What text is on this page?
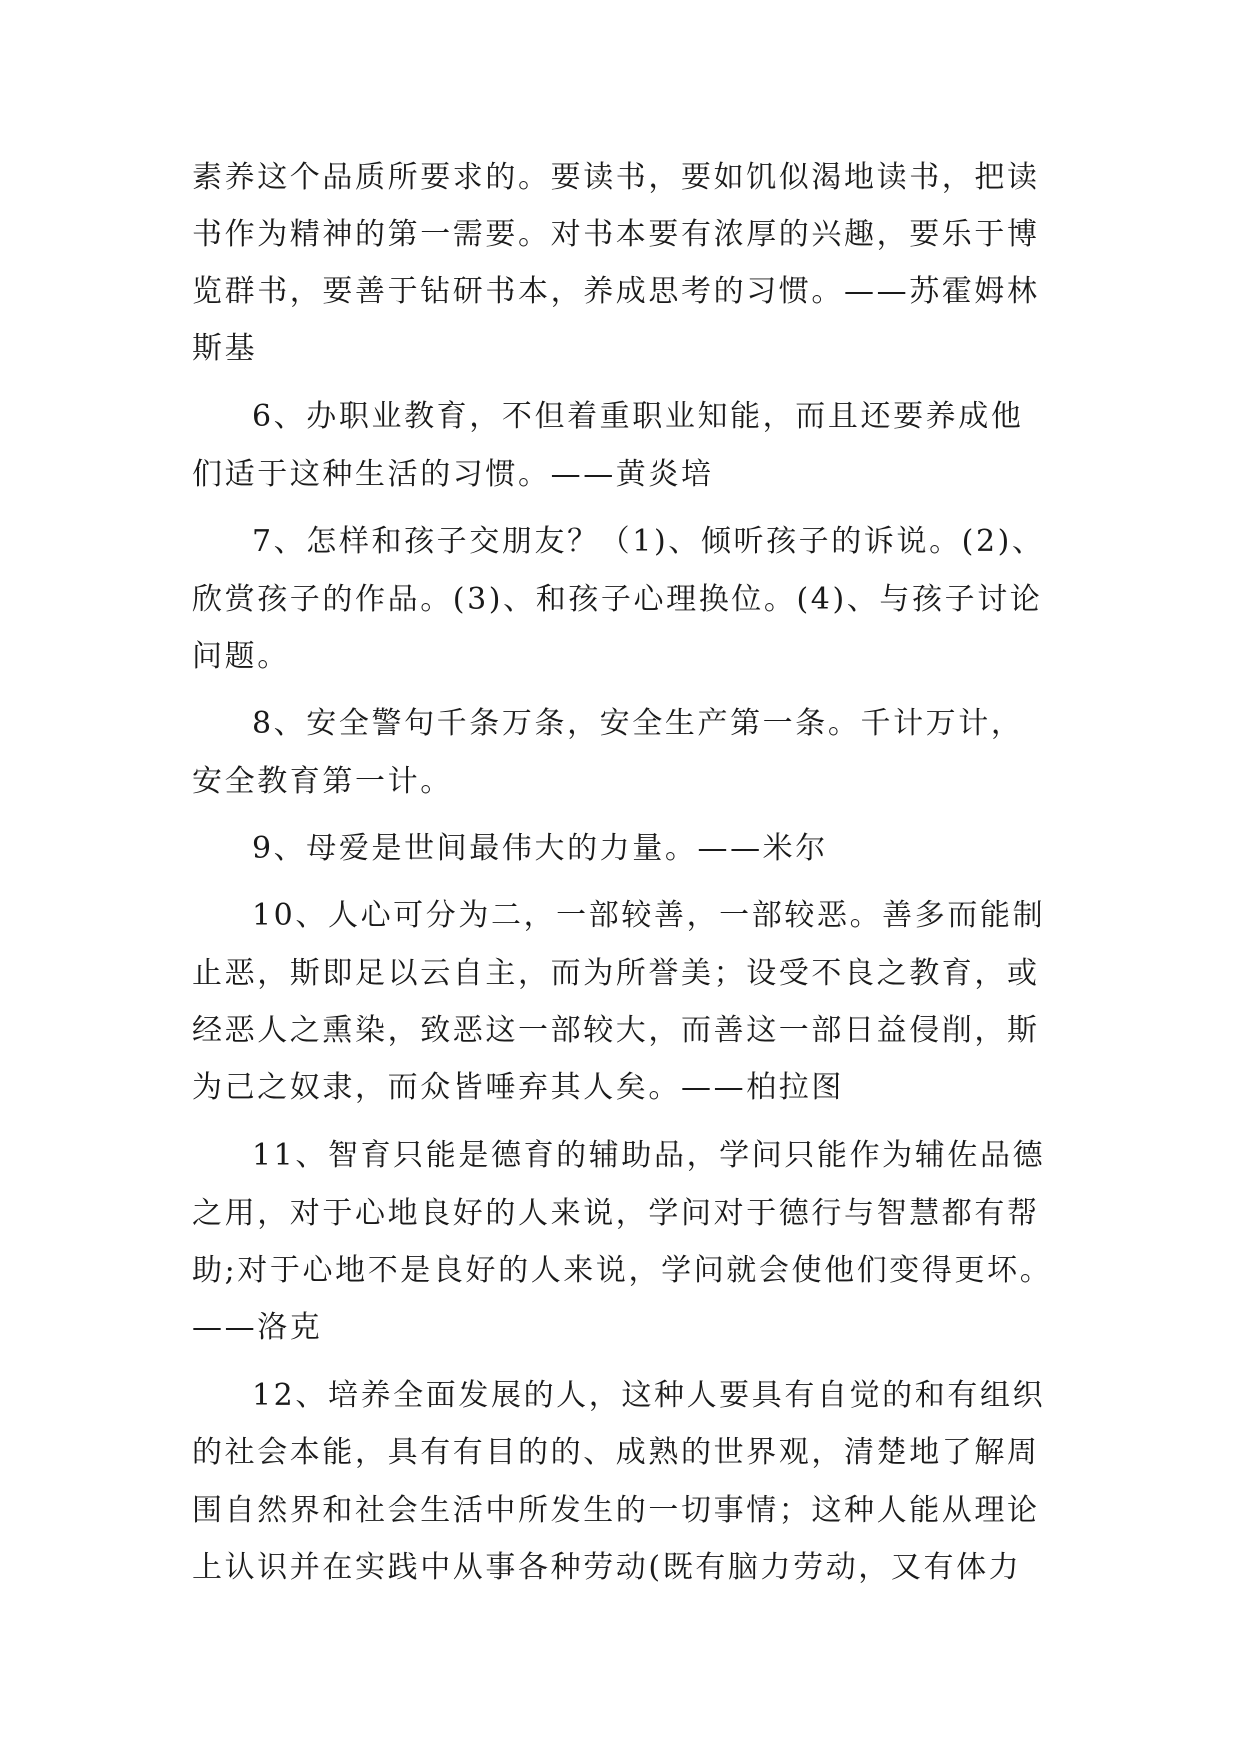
素养这个品质所要求的。要读书，要如饥似渴地读书，把读
书作为精神的第一需要。对书本要有浓厚的兴趣，要乐于博
览群书，要善于钻研书本，养成思考的习惯。——苏霍姆林
斯基
6、办职业教育，不但着重职业知能，而且还要养成他
们适于这种生活的习惯。——黄炎培
7、怎样和孩子交朋友？（1)、倾听孩子的诉说。(2)、
欣赏孩子的作品。(3)、和孩子心理换位。(4)、与孩子讨论
问题。
8、安全警句千条万条，安全生产第一条。千计万计，
安全教育第一计。
9、母爱是世间最伟大的力量。——米尔
10、人心可分为二，一部较善，一部较恶。善多而能制
止恶，斯即足以云自主，而为所誉美；设受不良之教育，或
经恶人之熏染，致恶这一部较大，而善这一部日益侵削，斯
为己之奴隶，而众皆唾弃其人矣。——柏拉图
11、智育只能是德育的辅助品，学问只能作为辅佐品德
之用，对于心地良好的人来说，学问对于德行与智慧都有帮
助;对于心地不是良好的人来说，学问就会使他们变得更坏。
——洛克
12、培养全面发展的人，这种人要具有自觉的和有组织
的社会本能，具有有目的的、成熟的世界观，清楚地了解周
围自然界和社会生活中所发生的一切事情；这种人能从理论
上认识并在实践中从事各种劳动(既有脑力劳动，又有体力
